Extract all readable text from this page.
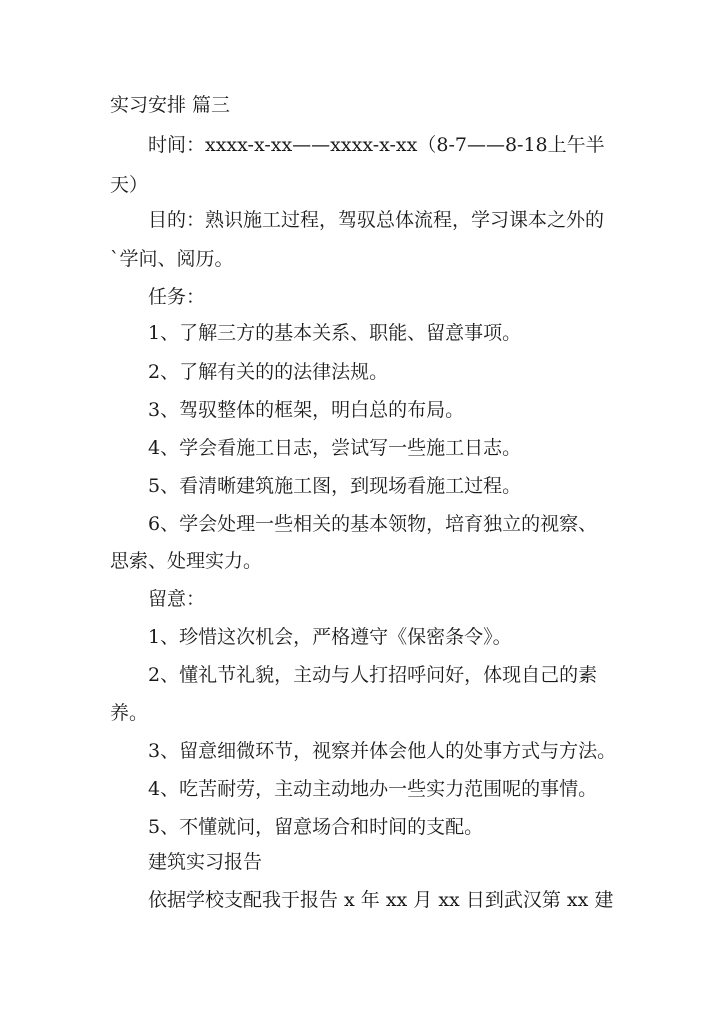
实习安排 篇三
时间：xxxx-x-xx——xxxx-x-xx（8-7——8-18上午半
天）
目的：熟识施工过程，驾驭总体流程，学习课本之外的
`学问、阅历。
任务：
1、了解三方的基本关系、职能、留意事项。
2、了解有关的的法律法规。
3、驾驭整体的框架，明白总的布局。
4、学会看施工日志，尝试写一些施工日志。
5、看清晰建筑施工图，到现场看施工过程。
6、学会处理一些相关的基本领物，培育独立的视察、
思索、处理实力。
留意：
1、珍惜这次机会，严格遵守《保密条令》。
2、懂礼节礼貌，主动与人打招呼问好，体现自己的素
养。
3、留意细微环节，视察并体会他人的处事方式与方法。
4、吃苦耐劳，主动主动地办一些实力范围呢的事情。
5、不懂就问，留意场合和时间的支配。
建筑实习报告
依据学校支配我于报告 x 年 xx 月 xx 日到武汉第 xx 建
